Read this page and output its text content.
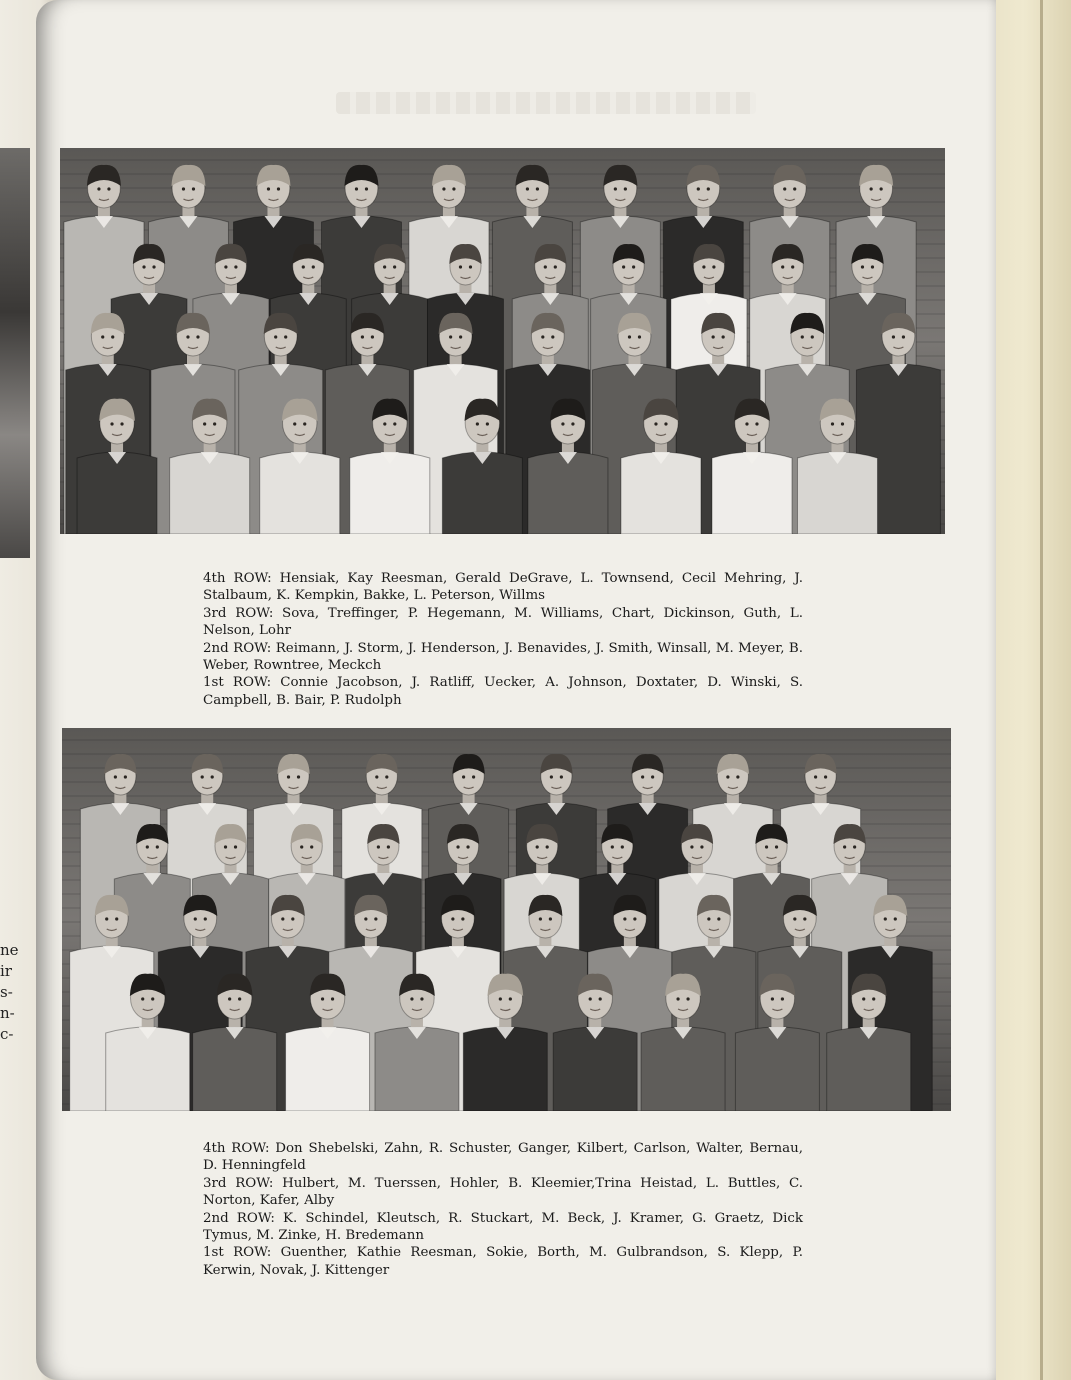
ne
ir
s-
n-
c-

4th ROW: Hensiak, Kay Reesman, Gerald DeGrave, L. Townsend, Cecil Mehring, J. Stalbaum, K. Kempkin, Bakke, L. Peterson, Willms

3rd ROW: Sova, Treffinger, P. Hegemann, M. Williams, Chart, Dickinson, Guth, L. Nelson, Lohr

2nd ROW: Reimann, J. Storm, J. Henderson, J. Benavides, J. Smith, Winsall, M. Meyer, B. Weber, Rowntree, Meckch

1st ROW: Connie Jacobson, J. Ratliff, Uecker, A. Johnson, Doxtater, D. Winski, S. Campbell, B. Bair, P. Rudolph

4th ROW: Don Shebelski, Zahn, R. Schuster, Ganger, Kilbert, Carlson, Walter, Bernau, D. Henningfeld

3rd ROW: Hulbert, M. Tuerssen, Hohler, B. Kleemier,Trina Heistad, L. Buttles, C. Norton, Kafer, Alby

2nd ROW: K. Schindel, Kleutsch, R. Stuckart, M. Beck, J. Kramer, G. Graetz, Dick Tymus, M. Zinke, H. Bredemann

1st ROW: Guenther, Kathie Reesman, Sokie, Borth, M. Gulbrandson, S. Klepp, P. Kerwin, Novak, J. Kittenger
